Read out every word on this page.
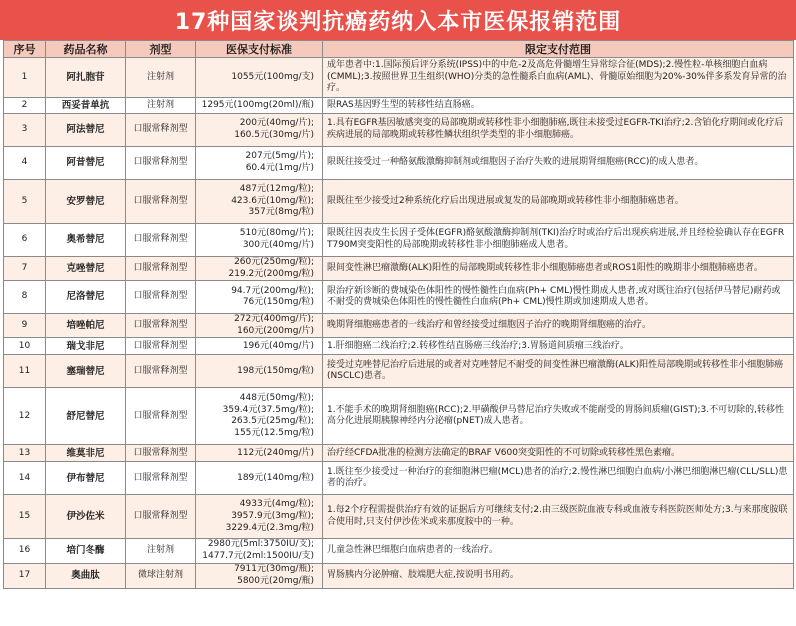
17种国家谈判抗癌药纳入本市医保报销范围
序号	药品名称	剂型	医保支付标准	限定支付范围
1	阿扎胞苷	注射剂	1055元(100mg/支)	成年患者中:1.国际预后评分系统(IPSS)中的中危-2及高危骨髓增生异常综合征(MDS);2.慢性粒-单核细胞白血病(CMML);3.按照世界卫生组织(WHO)分类的急性髓系白血病(AML)、骨髓原始细胞为20%-30%伴多系发育异常的治疗。
2	西妥昔单抗	注射剂	1295元(100mg(20ml)/瓶)	限RAS基因野生型的转移性结直肠癌。
3	阿法替尼	口服常释剂型	200元(40mg/片);
160.5元(30mg/片)	1.具有EGFR基因敏感突变的局部晚期或转移性非小细胞肺癌,既往未接受过EGFR-TKI治疗;2.含铂化疗期间或化疗后疾病进展的局部晚期或转移性鳞状组织学类型的非小细胞肺癌。
4	阿昔替尼	口服常释剂型	207元(5mg/片);
60.4元(1mg/片)	限既往接受过一种酪氨酸激酶抑制剂或细胞因子治疗失败的进展期肾细胞癌(RCC)的成人患者。
5	安罗替尼	口服常释剂型	487元(12mg/粒);
423.6元(10mg/粒);
357元(8mg/粒)	限既往至少接受过2种系统化疗后出现进展或复发的局部晚期或转移性非小细胞肺癌患者。
6	奥希替尼	口服常释剂型	510元(80mg/片);
300元(40mg/片)	限既往因表皮生长因子受体(EGFR)酪氨酸激酶抑制剂(TKI)治疗时或治疗后出现疾病进展,并且经检验确认存在EGFR T790M突变阳性的局部晚期或转移性非小细胞肺癌成人患者。
7	克唑替尼	口服常释剂型	260元(250mg/粒);
219.2元(200mg/粒)	限间变性淋巴瘤激酶(ALK)阳性的局部晚期或转移性非小细胞肺癌患者或ROS1阳性的晚期非小细胞肺癌患者。
8	尼洛替尼	口服常释剂型	94.7元(200mg/粒);
76元(150mg/粒)	限治疗新诊断的费城染色体阳性的慢性髓性白血病(Ph+ CML)慢性期成人患者,或对既往治疗(包括伊马替尼)耐药或不耐受的费城染色体阳性的慢性髓性白血病(Ph+ CML)慢性期或加速期成人患者。
9	培唑帕尼	口服常释剂型	272元(400mg/片);
160元(200mg/片)	晚期肾细胞癌患者的一线治疗和曾经接受过细胞因子治疗的晚期肾细胞癌的治疗。
10	瑞戈非尼	口服常释剂型	196元(40mg/片)	1.肝细胞癌二线治疗;2.转移性结直肠癌三线治疗;3.胃肠道间质瘤三线治疗。
11	塞瑞替尼	口服常释剂型	198元(150mg/粒)	接受过克唑替尼治疗后进展的或者对克唑替尼不耐受的间变性淋巴瘤激酶(ALK)阳性局部晚期或转移性非小细胞肺癌(NSCLC)患者。
12	舒尼替尼	口服常释剂型	448元(50mg/粒);
359.4元(37.5mg/粒);
263.5元(25mg/粒);
155元(12.5mg/粒)	1.不能手术的晚期肾细胞癌(RCC);2.甲磺酸伊马替尼治疗失败或不能耐受的胃肠间质瘤(GIST);3.不可切除的,转移性高分化进展期胰腺神经内分泌瘤(pNET)成人患者。
13	维莫非尼	口服常释剂型	112元(240mg/片)	治疗经CFDA批准的检测方法确定的BRAF V600突变阳性的不可切除或转移性黑色素瘤。
14	伊布替尼	口服常释剂型	189元(140mg/粒)	1.既往至少接受过一种治疗的套细胞淋巴瘤(MCL)患者的治疗;2.慢性淋巴细胞白血病/小淋巴细胞淋巴瘤(CLL/SLL)患者的治疗。
15	伊沙佐米	口服常释剂型	4933元(4mg/粒);
3957.9元(3mg/粒);
3229.4元(2.3mg/粒)	1.每2个疗程需提供治疗有效的证据后方可继续支付;2.由三级医院血液专科或血液专科医院医师处方;3.与来那度胺联合使用时,只支付伊沙佐米或来那度胺中的一种。
16	培门冬酶	注射剂	2980元(5ml:3750IU/支);
1477.7元(2ml:1500IU/支)	儿童急性淋巴细胞白血病患者的一线治疗。
17	奥曲肽	微球注射剂	7911元(30mg/瓶);
5800元(20mg/瓶)	胃肠胰内分泌肿瘤、肢端肥大症,按说明书用药。
